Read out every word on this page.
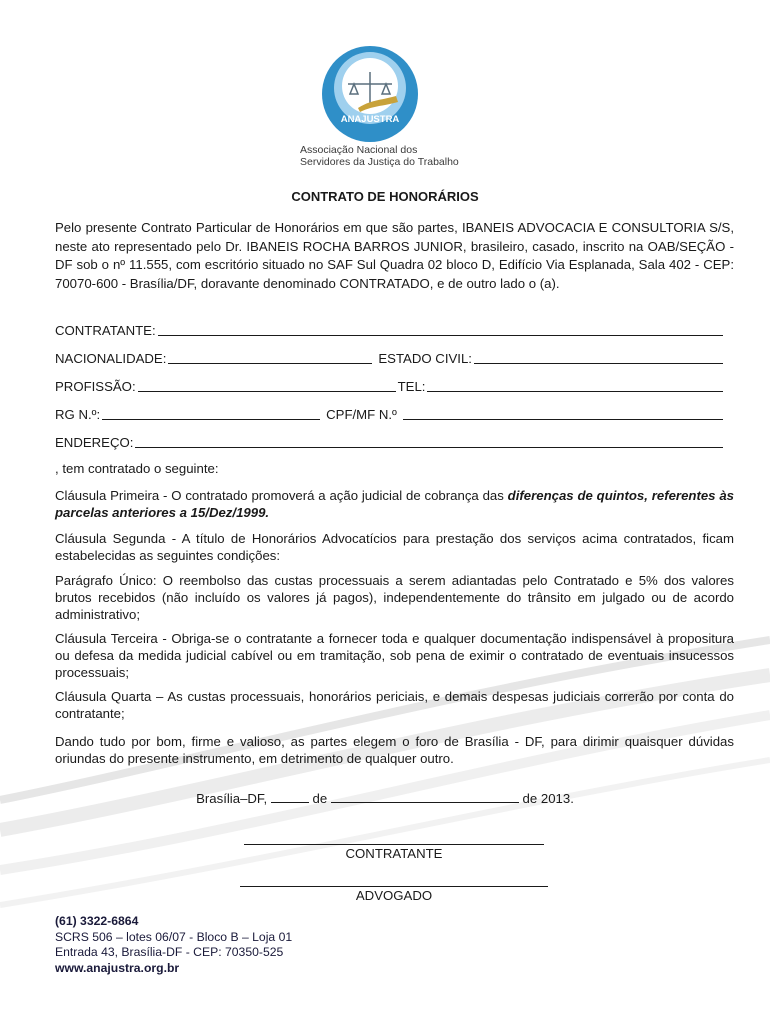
ANAJUSTRA
Associação Nacional dos
Servidores da Justiça do Trabalho
CONTRATO DE HONORÁRIOS

Pelo presente Contrato Particular de Honorários em que são partes, IBANEIS ADVOCACIA E CONSULTORIA S/S, neste ato representado pelo Dr. IBANEIS ROCHA BARROS JUNIOR, brasileiro, casado, inscrito na OAB/SEÇÃO - DF sob o nº 11.555, com escritório situado no SAF Sul Quadra 02 bloco D, Edifício Via Esplanada, Sala 402 - CEP: 70070-600 - Brasília/DF, doravante denominado CONTRATADO, e de outro lado o (a).

CONTRATANTE:
NACIONALIDADE:	ESTADO CIVIL:
PROFISSÃO:	TEL:
RG N.º:	CPF/MF N.º
ENDEREÇO:

, tem contratado o seguinte:

Cláusula Primeira - O contratado promoverá a ação judicial de cobrança das diferenças de quintos, referentes às parcelas anteriores a 15/Dez/1999.

Cláusula Segunda - A título de Honorários Advocatícios para prestação dos serviços acima contratados, ficam estabelecidas as seguintes condições:

Parágrafo Único: O reembolso das custas processuais a serem adiantadas pelo Contratado e 5% dos valores brutos recebidos (não incluído os valores já pagos), independentemente do trânsito em julgado ou de acordo administrativo;

Cláusula Terceira - Obriga-se o contratante a fornecer toda e qualquer documentação indispensável à propositura ou defesa da medida judicial cabível ou em tramitação, sob pena de eximir o contratado de eventuais insucessos processuais;

Cláusula Quarta – As custas processuais, honorários periciais, e demais despesas judiciais correrão por conta do contratante;

Dando tudo por bom, firme e valioso, as partes elegem o foro de Brasília - DF, para dirimir quaisquer dúvidas oriundas do presente instrumento, em detrimento de qualquer outro.

Brasília–DF,	de	de 2013.
CONTRATANTE
ADVOGADO
(61) 3322-6864
SCRS 506 – lotes 06/07 - Bloco B – Loja 01
Entrada 43, Brasília-DF - CEP: 70350-525
www.anajustra.org.br
